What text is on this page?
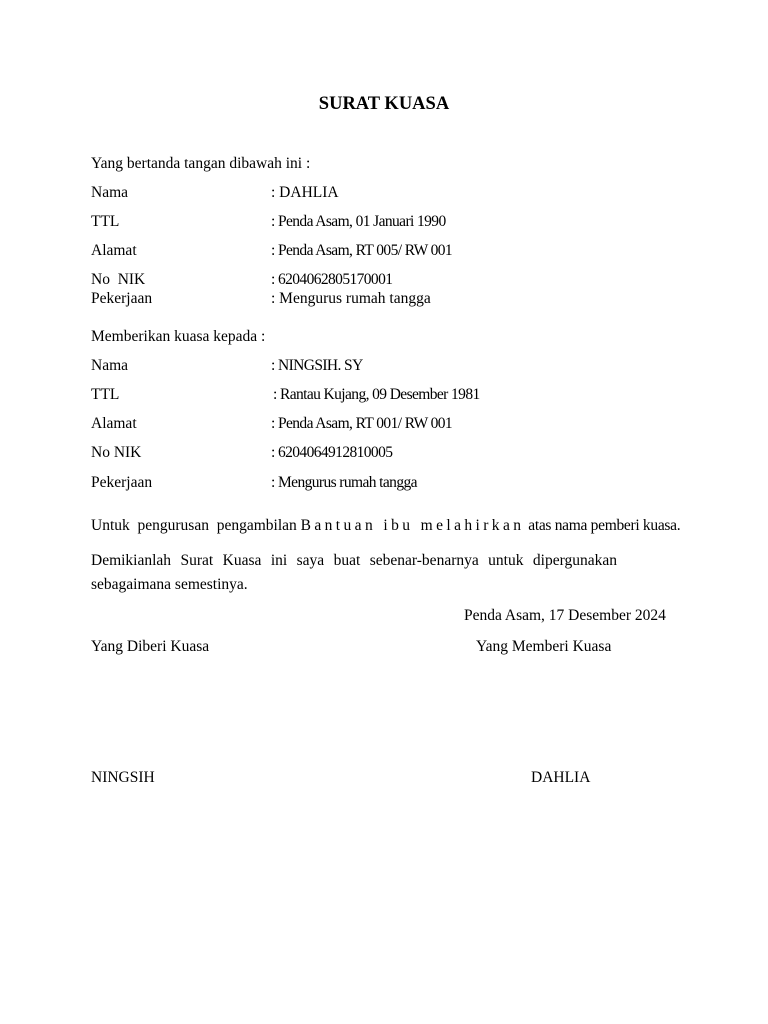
SURAT KUASA
Yang bertanda tangan dibawah ini :
Nama	: DAHLIA
TTL	: Penda Asam, 01 Januari 1990
Alamat	: Penda Asam, RT 005/ RW 001
No  NIK	: 6204062805170001
Pekerjaan	: Mengurus rumah tangga
Memberikan kuasa kepada :
Nama	: NINGSIH. SY
TTL	: Rantau Kujang, 09 Desember 1981
Alamat	: Penda Asam, RT 001/ RW 001
No NIK	: 6204064912810005
Pekerjaan	: Mengurus rumah tangga
Untuk  pengurusan  pengambilan Bantuan ibu melahirkan atas nama pemberi kuasa.
Demikianlah Surat Kuasa ini saya buat sebenar-benarnya untuk dipergunakan
sebagaimana semestinya.
Penda Asam, 17 Desember 2024
Yang Diberi Kuasa	Yang Memberi Kuasa
NINGSIH	DAHLIA
